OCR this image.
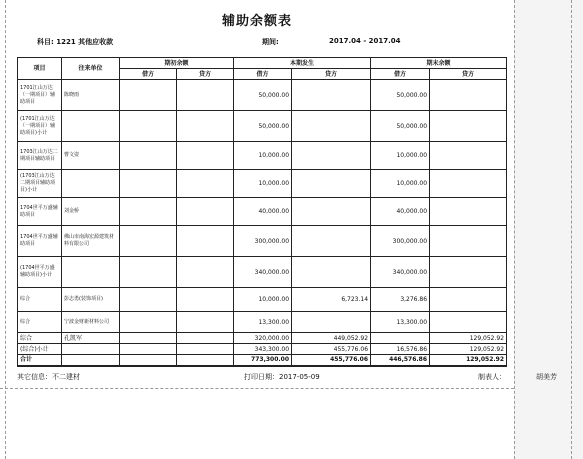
辅助余额表
科目: 1221 其他应收款	期间:	2017.04 - 2017.04
项目	往来单位	期初余额		本期发生		期末余额	
		借方	贷方	借方	贷方	借方	贷方
1701江山万达（一期项目）辅助项目	陈晓雨			50,000.00		50,000.00	
(1701江山万达（一期项目）辅助项目)小计				50,000.00		50,000.00	
1703江山万达二期项目辅助项目	曹文姿			10,000.00		10,000.00	
(1703江山万达二期项目辅助项目)小计				10,000.00		10,000.00	
1704世平万盛辅助项目	刘金桥			40,000.00		40,000.00	
1704世平万盛辅助项目	佛山市南海宏源建筑材料有限公司			300,000.00		300,000.00	
(1704世平万盛辅助项目)小计				340,000.00		340,000.00	
综合	彭志勇(装饰项目)			10,000.00	6,723.14	3,276.86	
综合	宁波金财新材料公司			13,300.00		13,300.00	
综合	孔凯军			320,000.00	449,052.92		129,052.92
(综合)小计				343,300.00	455,776.06	16,576.86	129,052.92
合计				773,300.00	455,776.06	446,576.86	129,052.92
其它信息：不二建材	打印日期：2017-05-09	制表人：	胡美芳
